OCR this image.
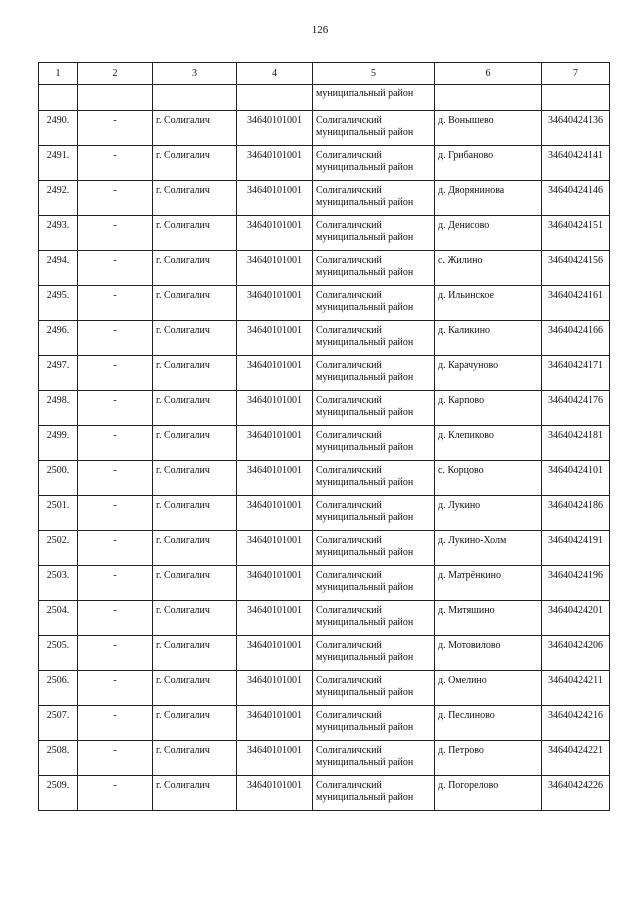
126
1	2	3	4	5	6	7
				муниципальный район		
2490.	-	г. Солигалич	34640101001	Солигаличский
муниципальный район	д. Вонышево	34640424136
2491.	-	г. Солигалич	34640101001	Солигаличский
муниципальный район	д. Грибаново	34640424141
2492.	-	г. Солигалич	34640101001	Солигаличский
муниципальный район	д. Дворянинова	34640424146
2493.	-	г. Солигалич	34640101001	Солигаличский
муниципальный район	д. Денисово	34640424151
2494.	-	г. Солигалич	34640101001	Солигаличский
муниципальный район	с. Жилино	34640424156
2495.	-	г. Солигалич	34640101001	Солигаличский
муниципальный район	д. Ильинское	34640424161
2496.	-	г. Солигалич	34640101001	Солигаличский
муниципальный район	д. Каликино	34640424166
2497.	-	г. Солигалич	34640101001	Солигаличский
муниципальный район	д. Карачуново	34640424171
2498.	-	г. Солигалич	34640101001	Солигаличский
муниципальный район	д. Карпово	34640424176
2499.	-	г. Солигалич	34640101001	Солигаличский
муниципальный район	д. Клепиково	34640424181
2500.	-	г. Солигалич	34640101001	Солигаличский
муниципальный район	с. Корцово	34640424101
2501.	-	г. Солигалич	34640101001	Солигаличский
муниципальный район	д. Лукино	34640424186
2502.	-	г. Солигалич	34640101001	Солигаличский
муниципальный район	д. Лукино-Холм	34640424191
2503.	-	г. Солигалич	34640101001	Солигаличский
муниципальный район	д. Матрёнкино	34640424196
2504.	-	г. Солигалич	34640101001	Солигаличский
муниципальный район	д. Митяшино	34640424201
2505.	-	г. Солигалич	34640101001	Солигаличский
муниципальный район	д. Мотовилово	34640424206
2506.	-	г. Солигалич	34640101001	Солигаличский
муниципальный район	д. Омелино	34640424211
2507.	-	г. Солигалич	34640101001	Солигаличский
муниципальный район	д. Песлиново	34640424216
2508.	-	г. Солигалич	34640101001	Солигаличский
муниципальный район	д. Петрово	34640424221
2509.	-	г. Солигалич	34640101001	Солигаличский
муниципальный район	д. Погорелово	34640424226
